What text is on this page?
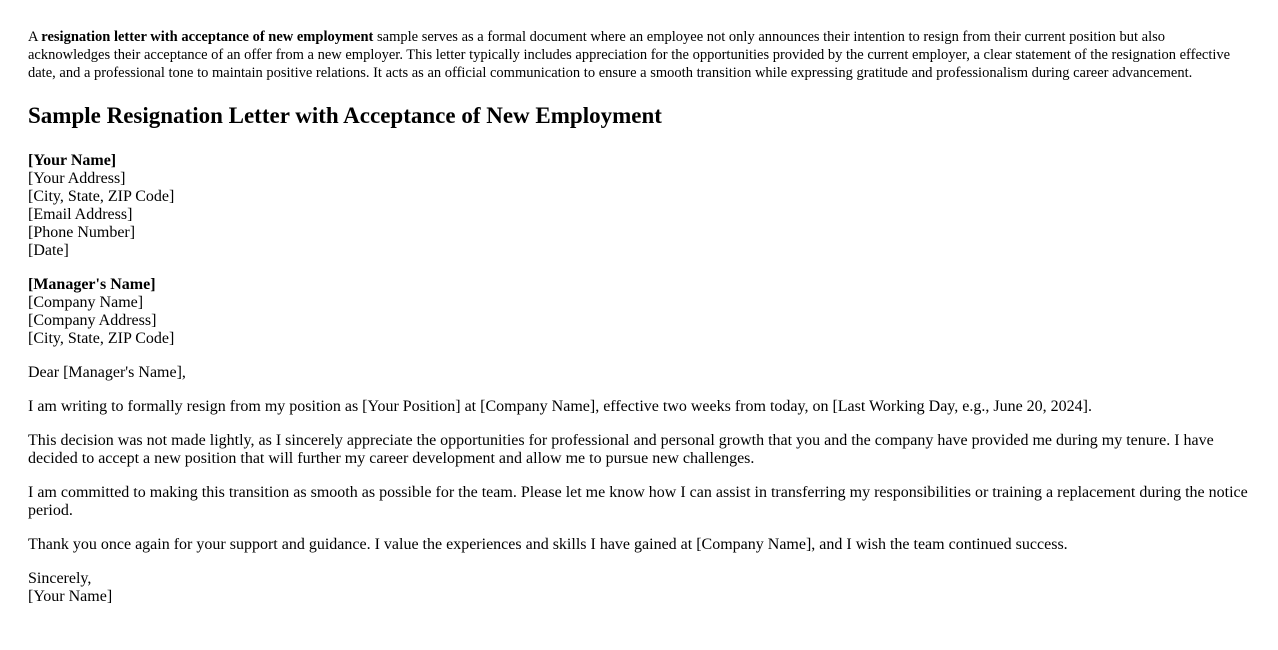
A resignation letter with acceptance of new employment sample serves as a formal document where an employee not only announces their intention to resign from their current position but also acknowledges their acceptance of an offer from a new employer. This letter typically includes appreciation for the opportunities provided by the current employer, a clear statement of the resignation effective date, and a professional tone to maintain positive relations. It acts as an official communication to ensure a smooth transition while expressing gratitude and professionalism during career advancement.

Sample Resignation Letter with Acceptance of New Employment
[Your Name]
[Your Address]
[City, State, ZIP Code]
[Email Address]
[Phone Number]
[Date]
[Manager's Name]
[Company Name]
[Company Address]
[City, State, ZIP Code]

Dear [Manager's Name],

I am writing to formally resign from my position as [Your Position] at [Company Name], effective two weeks from today, on [Last Working Day, e.g., June 20, 2024].

This decision was not made lightly, as I sincerely appreciate the opportunities for professional and personal growth that you and the company have provided me during my tenure. I have decided to accept a new position that will further my career development and allow me to pursue new challenges.

I am committed to making this transition as smooth as possible for the team. Please let me know how I can assist in transferring my responsibilities or training a replacement during the notice period.

Thank you once again for your support and guidance. I value the experiences and skills I have gained at [Company Name], and I wish the team continued success.

Sincerely,
[Your Name]
